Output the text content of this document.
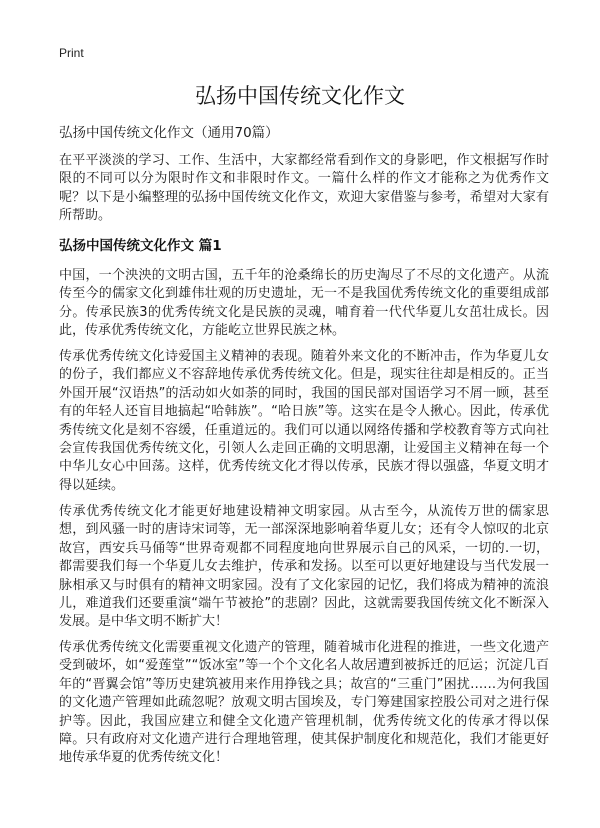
Print
弘扬中国传统文化作文
弘扬中国传统文化作文（通用70篇）

在平平淡淡的学习、工作、生活中，大家都经常看到作文的身影吧，作文根据写作时限的不同可以分为限时作文和非限时作文。一篇什么样的作文才能称之为优秀作文呢？以下是小编整理的弘扬中国传统文化作文，欢迎大家借鉴与参考，希望对大家有所帮助。

弘扬中国传统文化作文 篇1

中国，一个泱泱的文明古国，五千年的沧桑绵长的历史淘尽了不尽的文化遗产。从流传至今的儒家文化到雄伟壮观的历史遗址，无一不是我国优秀传统文化的重要组成部分。传承民族3的优秀传统文化是民族的灵魂，哺育着一代代华夏儿女茁壮成长。因此，传承优秀传统文化，方能屹立世界民族之林。

传承优秀传统文化诗爱国主义精神的表现。随着外来文化的不断冲击，作为华夏儿女的份子，我们都应义不容辞地传承优秀传统文化。但是，现实往往却是相反的。正当外国开展“汉语热”的活动如火如荼的同时，我国的国民部对国语学习不屑一顾，甚至有的年轻人还盲目地搞起“哈韩族”。“哈日族”等。这实在是令人揪心。因此，传承优秀传统文化是刻不容缓，任重道远的。我们可以通以网络传播和学校教育等方式向社会宣传我国优秀传统文化，引领人么走回正确的文明思潮，让爱国主义精神在每一个中华儿女心中回荡。这样，优秀传统文化才得以传承，民族才得以强盛，华夏文明才得以延续。

传承优秀传统文化才能更好地建设精神文明家园。从古至今，从流传万世的儒家思想，到风骚一时的唐诗宋词等，无一部深深地影响着华夏儿女；还有令人惊叹的北京故宫，西安兵马俑等“世界奇观都不同程度地向世界展示自己的风采，一切的.一切，都需要我们每一个华夏儿女去维护，传承和发扬。以至可以更好地建设与当代发展一脉相承又与时俱有的精神文明家园。没有了文化家园的记忆，我们将成为精神的流浪儿，难道我们还要重演“端午节被抢”的悲剧？因此，这就需要我国传统文化不断深入发展。是中华文明不断扩大！

传承优秀传统文化需要重视文化遗产的管理，随着城市化进程的推进，一些文化遗产受到破坏，如“爱莲堂”“饭冰室”等一个个文化名人故居遭到被拆迁的厄运；沉淀几百年的“晋翼会馆”等历史建筑被用来作用挣钱之具；故宫的“三重门”困扰……为何我国的文化遗产管理如此疏忽呢？放观文明古国埃及，专门筹建国家控股公司对之进行保护等。因此，我国应建立和健全文化遗产管理机制，优秀传统文化的传承才得以保障。只有政府对文化遗产进行合理地管理，使其保护制度化和规范化，我们才能更好地传承华夏的优秀传统文化！
